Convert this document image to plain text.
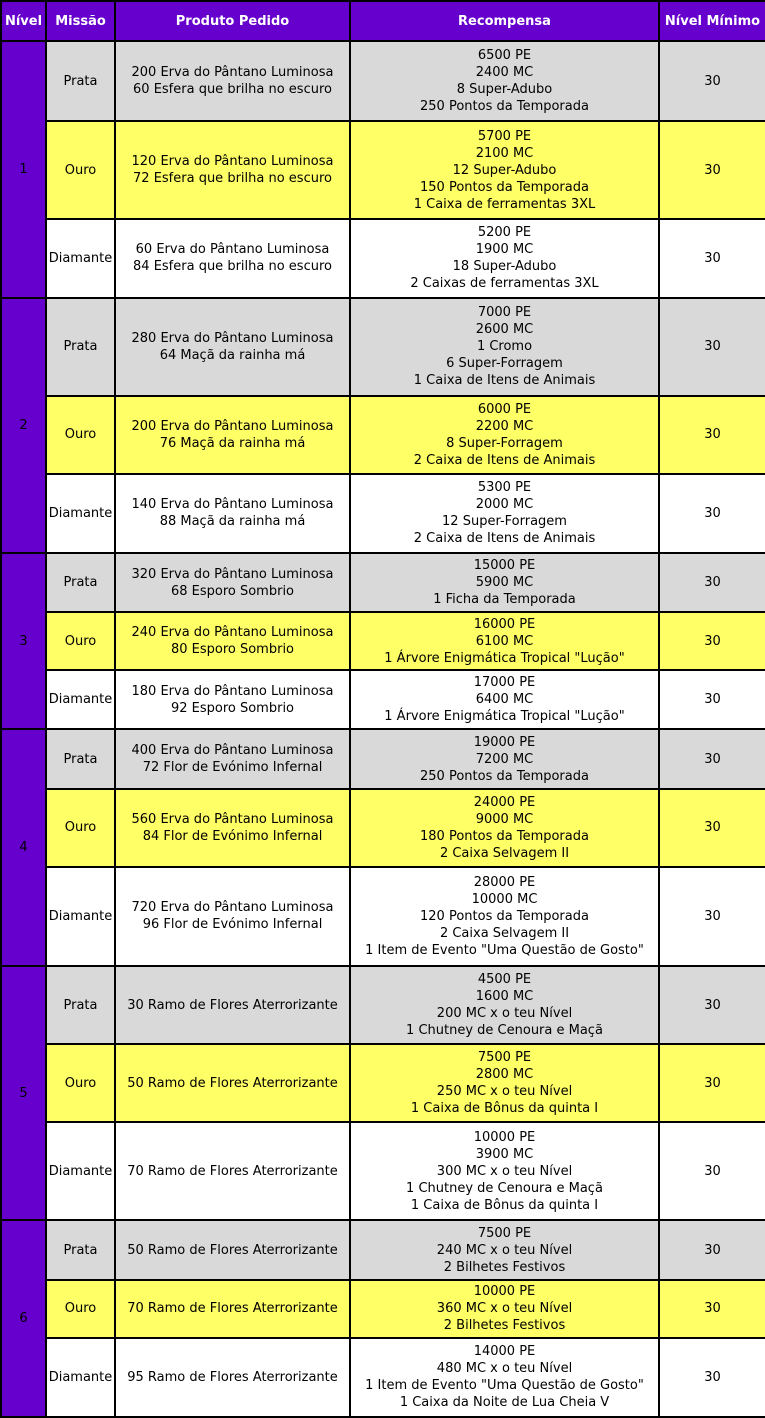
Nível	Missão	Produto Pedido	Recompensa	Nível Mínimo
1	Prata	200 Erva do Pântano Luminosa
60 Esfera que brilha no escuro	6500 PE
2400 MC
8 Super-Adubo
250 Pontos da Temporada	30
	Ouro	120 Erva do Pântano Luminosa
72 Esfera que brilha no escuro	5700 PE
2100 MC
12 Super-Adubo
150 Pontos da Temporada
1 Caixa de ferramentas 3XL	30
	Diamante	60 Erva do Pântano Luminosa
84 Esfera que brilha no escuro	5200 PE
1900 MC
18 Super-Adubo
2 Caixas de ferramentas 3XL	30
2	Prata	280 Erva do Pântano Luminosa
64 Maçã da rainha má	7000 PE
2600 MC
1 Cromo
6 Super-Forragem
1 Caixa de Itens de Animais	30
	Ouro	200 Erva do Pântano Luminosa
76 Maçã da rainha má	6000 PE
2200 MC
8 Super-Forragem
2 Caixa de Itens de Animais	30
	Diamante	140 Erva do Pântano Luminosa
88 Maçã da rainha má	5300 PE
2000 MC
12 Super-Forragem
2 Caixa de Itens de Animais	30
3	Prata	320 Erva do Pântano Luminosa
68 Esporo Sombrio	15000 PE
5900 MC
1 Ficha da Temporada	30
	Ouro	240 Erva do Pântano Luminosa
80 Esporo Sombrio	16000 PE
6100 MC
1 Árvore Enigmática Tropical "Lução"	30
	Diamante	180 Erva do Pântano Luminosa
92 Esporo Sombrio	17000 PE
6400 MC
1 Árvore Enigmática Tropical "Lução"	30
4	Prata	400 Erva do Pântano Luminosa
72 Flor de Evónimo Infernal	19000 PE
7200 MC
250 Pontos da Temporada	30
	Ouro	560 Erva do Pântano Luminosa
84 Flor de Evónimo Infernal	24000 PE
9000 MC
180 Pontos da Temporada
2 Caixa Selvagem II	30
	Diamante	720 Erva do Pântano Luminosa
96 Flor de Evónimo Infernal	28000 PE
10000 MC
120 Pontos da Temporada
2 Caixa Selvagem II
1 Item de Evento "Uma Questão de Gosto"	30
5	Prata	30 Ramo de Flores Aterrorizante	4500 PE
1600 MC
200 MC x o teu Nível
1 Chutney de Cenoura e Maçã	30
	Ouro	50 Ramo de Flores Aterrorizante	7500 PE
2800 MC
250 MC x o teu Nível
1 Caixa de Bônus da quinta I	30
	Diamante	70 Ramo de Flores Aterrorizante	10000 PE
3900 MC
300 MC x o teu Nível
1 Chutney de Cenoura e Maçã
1 Caixa de Bônus da quinta I	30
6	Prata	50 Ramo de Flores Aterrorizante	7500 PE
240 MC x o teu Nível
2 Bilhetes Festivos	30
	Ouro	70 Ramo de Flores Aterrorizante	10000 PE
360 MC x o teu Nível
2 Bilhetes Festivos	30
	Diamante	95 Ramo de Flores Aterrorizante	14000 PE
480 MC x o teu Nível
1 Item de Evento "Uma Questão de Gosto"
1 Caixa da Noite de Lua Cheia V	30
